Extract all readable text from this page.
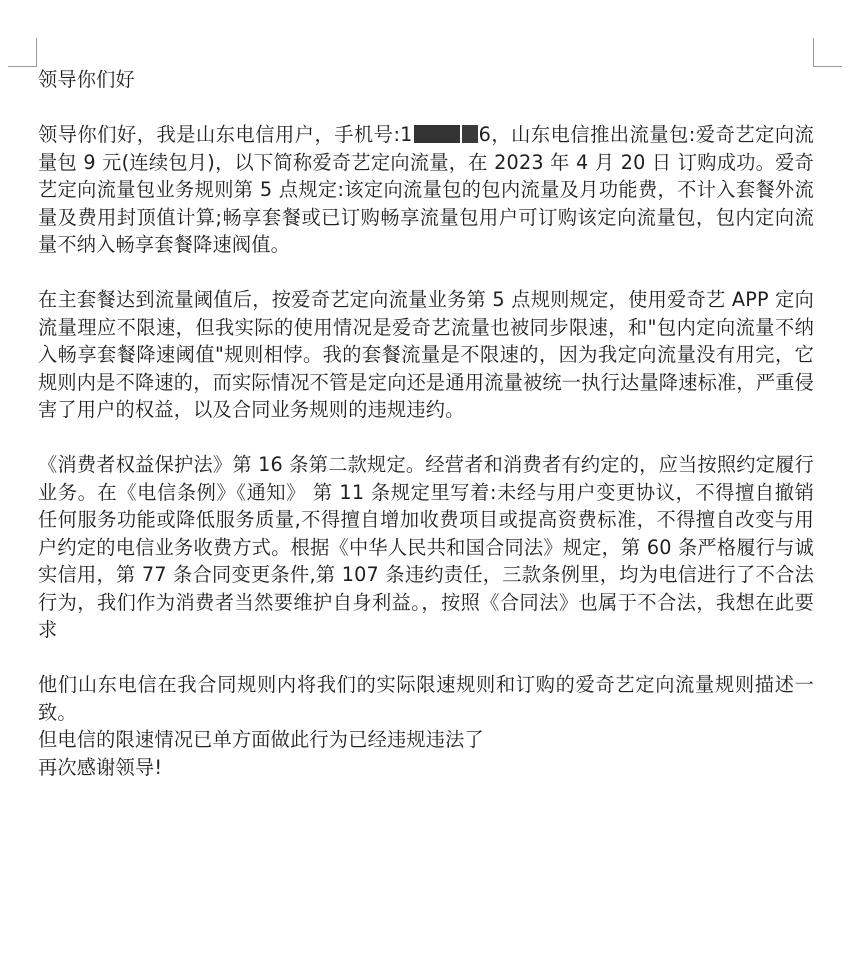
领导你们好

领导你们好，我是山东电信用户，手机号:1	6，山东电信推出流量包:爱奇艺定向流量包 9 元(连续包月)，以下简称爱奇艺定向流量，在 2023 年 4 月 20 日 订购成功。爱奇艺定向流量包业务规则第 5 点规定:该定向流量包的包内流量及月功能费，不计入套餐外流量及费用封顶值计算;畅享套餐或已订购畅享流量包用户可订购该定向流量包，包内定向流量不纳入畅享套餐降速阀值。

在主套餐达到流量阈值后，按爱奇艺定向流量业务第 5 点规则规定，使用爱奇艺 APP 定向流量理应不限速，但我实际的使用情况是爱奇艺流量也被同步限速，和"包内定向流量不纳入畅享套餐降速阈值"规则相悖。我的套餐流量是不限速的，因为我定向流量没有用完，它规则内是不降速的，而实际情况不管是定向还是通用流量被统一执行达量降速标准，严重侵害了用户的权益，以及合同业务规则的违规违约。

《消费者权益保护法》第 16 条第二款规定。经营者和消费者有约定的，应当按照约定履行业务。在《电信条例》《通知》 第 11 条规定里写着:未经与用户变更协议，不得擅自撤销任何服务功能或降低服务质量,不得擅自增加收费项目或提高资费标准，不得擅自改变与用户约定的电信业务收费方式。根据《中华人民共和国合同法》规定，第 60 条严格履行与诚实信用，第 77 条合同变更条件,第 107 条违约责任，三款条例里，均为电信进行了不合法行为，我们作为消费者当然要维护自身利益。，按照《合同法》也属于不合法，我想在此要求

他们山东电信在我合同规则内将我们的实际限速规则和订购的爱奇艺定向流量规则描述一致。

但电信的限速情况已单方面做此行为已经违规违法了

再次感谢领导!
